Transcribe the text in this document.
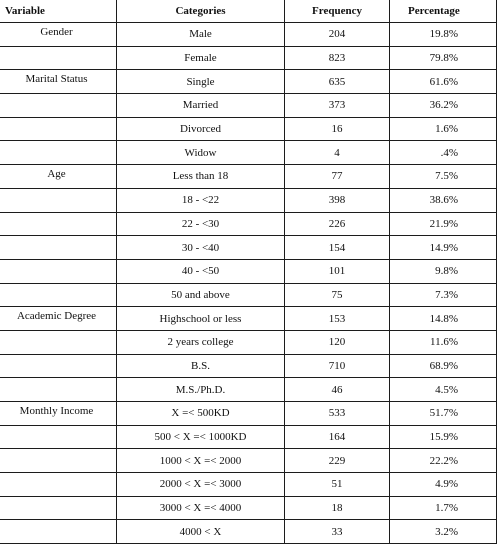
Variable	Categories	Frequency	Percentage
Gender	Male	204	19.8%
	Female	823	79.8%
Marital Status	Single	635	61.6%
	Married	373	36.2%
	Divorced	16	1.6%
	Widow	4	.4%
Age	Less than 18	77	7.5%
	18 - <22	398	38.6%
	22 - <30	226	21.9%
	30 - <40	154	14.9%
	40 - <50	101	9.8%
	50 and above	75	7.3%
Academic Degree	Highschool or less	153	14.8%
	2 years college	120	11.6%
	B.S.	710	68.9%
	M.S./Ph.D.	46	4.5%
Monthly Income	X =< 500KD	533	51.7%
	500 < X =< 1000KD	164	15.9%
	1000 < X =< 2000	229	22.2%
	2000 < X =< 3000	51	4.9%
	3000 < X =< 4000	18	1.7%
	4000 < X	33	3.2%
